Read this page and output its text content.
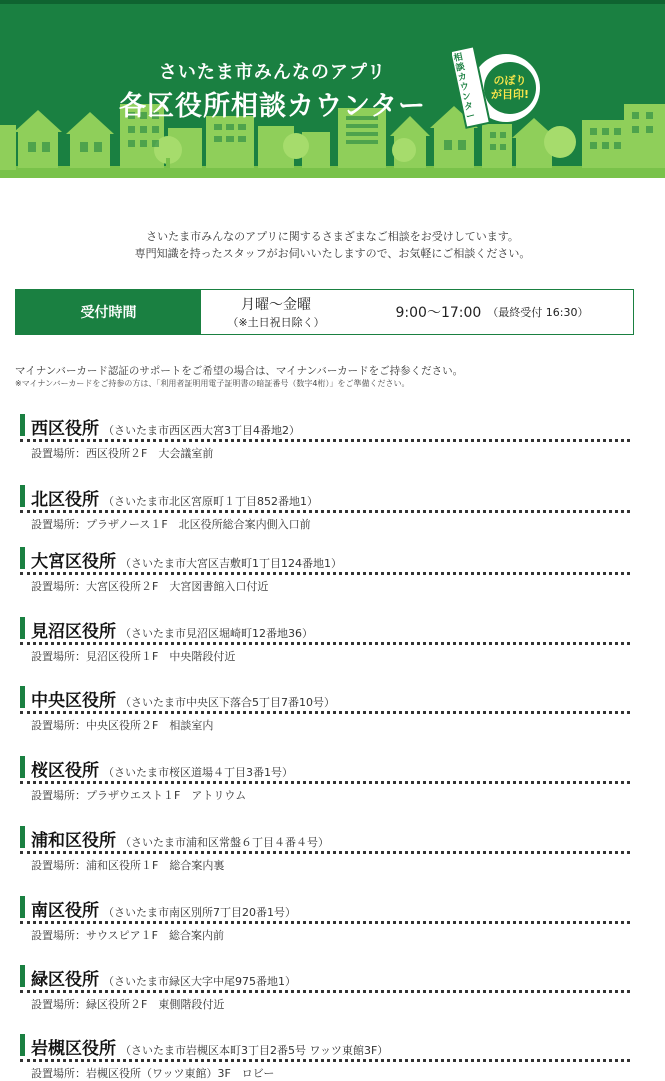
さいたま市みんなのアプリ
各区役所相談カウンター
相談カウンター
のぼりが目印!
さいたま市みんなのアプリに関するさまざまなご相談をお受けしています。
専門知識を持ったスタッフがお伺いいたしますので、お気軽にご相談ください。
受付時間	月曜～金曜
（※土日祝日除く）
9:00～17:00 （最終受付 16:30）
マイナンバーカード認証のサポートをご希望の場合は、マイナンバーカードをご持参ください。
※マイナンバーカードをご持参の方は、「利用者証明用電子証明書の暗証番号（数字4桁）」をご準備ください。
西区役所 （さいたま市西区西大宮3丁目4番地2）
設置場所：西区役所２F　大会議室前
北区役所 （さいたま市北区宮原町１丁目852番地1）
設置場所：プラザノース１F　北区役所総合案内側入口前
大宮区役所 （さいたま市大宮区吉敷町1丁目124番地1）
設置場所：大宮区役所２F　大宮図書館入口付近
見沼区役所 （さいたま市見沼区堀崎町12番地36）
設置場所：見沼区役所１F　中央階段付近
中央区役所 （さいたま市中央区下落合5丁目7番10号）
設置場所：中央区役所２F　相談室内
桜区役所 （さいたま市桜区道場４丁目3番1号）
設置場所：プラザウエスト１F　アトリウム
浦和区役所 （さいたま市浦和区常盤６丁目４番４号）
設置場所：浦和区役所１F　総合案内裏
南区役所 （さいたま市南区別所7丁目20番1号）
設置場所：サウスピア１F　総合案内前
緑区役所 （さいたま市緑区大字中尾975番地1）
設置場所：緑区役所２F　東側階段付近
岩槻区役所 （さいたま市岩槻区本町3丁目2番5号 ワッツ東館3F）
設置場所：岩槻区役所（ワッツ東館）3F　ロビー
